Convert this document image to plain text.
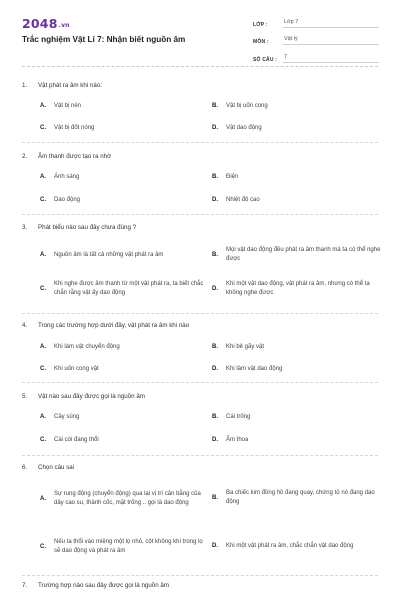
2048.vn
Trắc nghiệm Vật Lí 7: Nhận biết nguồn âm
LỚP :	Lớp 7
MÔN :	Vật lý
SỐ CÂU :	7
1. Vật phát ra âm khi nào:
A.	Vật bị nén	B.	Vật bị uốn cong
C.	Vật bị đốt nóng	D.	Vật dao động
2. Âm thanh được tạo ra nhờ
A.	Ánh sáng	B.	Điện
C.	Dao động	D.	Nhiệt độ cao
3. Phát biểu nào sau đây chưa đúng ?
A.	Nguồn âm là tất cả những vật phát ra âm	B.
Mọi vật dao động đều phát ra âm thanh mà ta có thể nghe được
C.
Khi nghe được âm thanh từ một vật phát ra, ta biết chắc chắn rằng vật ấy dao động
D.
Khi một vật dao động, vật phát ra âm, nhưng có thể ta không nghe được
4. Trong các trường hợp dưới đây, vật phát ra âm khi nào
A.	Khi làm vật chuyển động	B.	Khi bẻ gãy vật
C.	Khi uốn cong vật	D.	Khi làm vật dao động
5. Vật nào sau đây được gọi là nguồn âm
A.	Cây súng	B.	Cái trống
C.	Cái còi đang thổi	D.	Âm thoa
6. Chọn câu sai
A.
Sự rung động (chuyển động) qua lại vị trí cân bằng của dây cao su, thành cốc, mặt trống .. gọi là dao động
B.
Ba chiếc kim đồng hồ đang quay, chứng tỏ nó đang dao động
C.
Nếu ta thổi vào miệng một lọ nhỏ, cột không khí trong lọ sẽ dao động và phát ra âm
D.	Khi một vật phát ra âm, chắc chắn vật dao động
7. Trường hợp nào sau đây được gọi là nguồn âm
